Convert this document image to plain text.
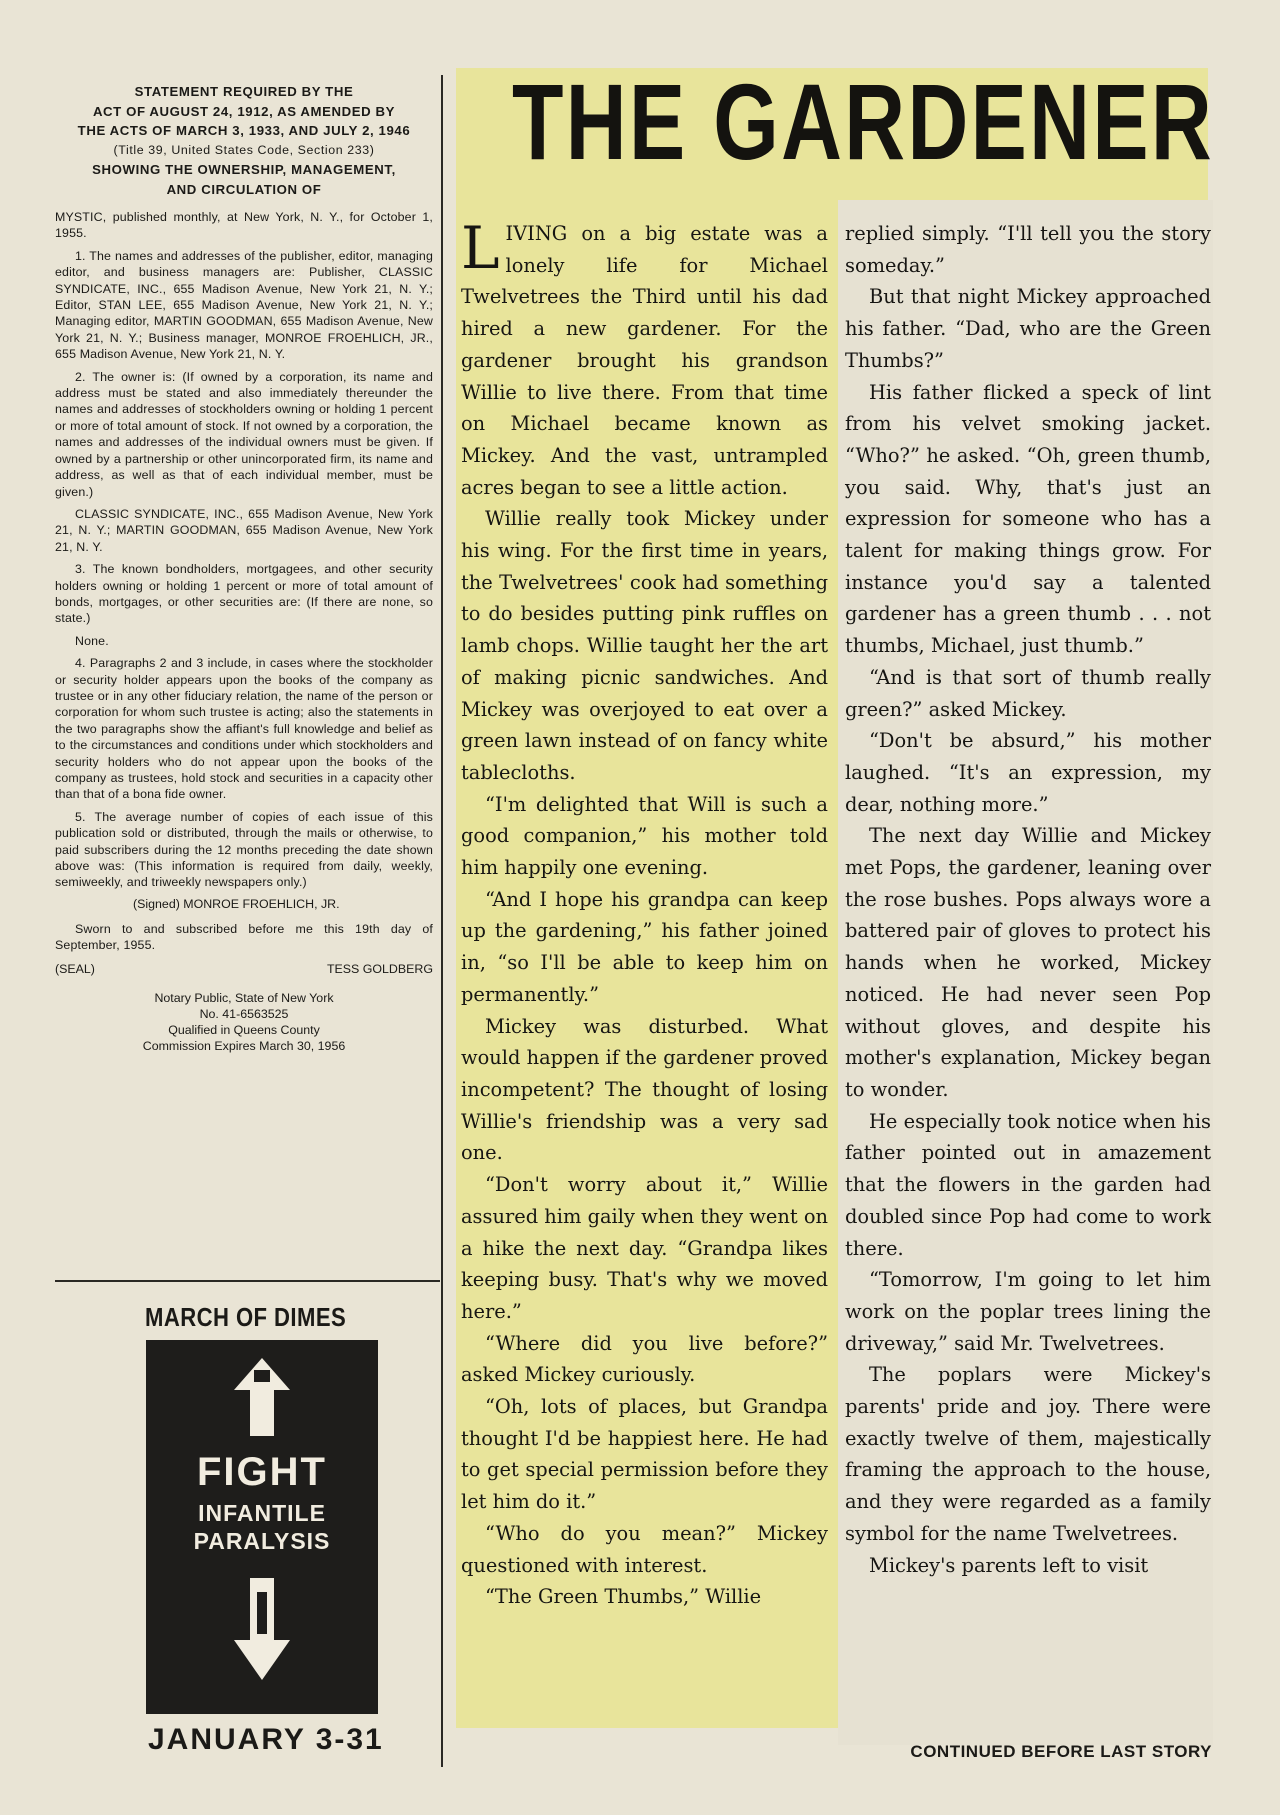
STATEMENT REQUIRED BY THE
ACT OF AUGUST 24, 1912, AS AMENDED BY
THE ACTS OF MARCH 3, 1933, AND JULY 2, 1946
(Title 39, United States Code, Section 233)
SHOWING THE OWNERSHIP, MANAGEMENT,
AND CIRCULATION OF

MYSTIC, published monthly, at New York, N. Y., for October 1, 1955.

1. The names and addresses of the publisher, editor, managing editor, and business managers are: Publisher, CLASSIC SYNDICATE, INC., 655 Madison Avenue, New York 21, N. Y.; Editor, STAN LEE, 655 Madison Avenue, New York 21, N. Y.; Managing editor, MARTIN GOODMAN, 655 Madison Avenue, New York 21, N. Y.; Business manager, MONROE FROEHLICH, JR., 655 Madison Avenue, New York 21, N. Y.

2. The owner is: (If owned by a corporation, its name and address must be stated and also immediately thereunder the names and addresses of stockholders owning or holding 1 percent or more of total amount of stock. If not owned by a corporation, the names and addresses of the individual owners must be given. If owned by a partnership or other unincorporated firm, its name and address, as well as that of each individual member, must be given.)

CLASSIC SYNDICATE, INC., 655 Madison Avenue, New York 21, N. Y.; MARTIN GOODMAN, 655 Madison Avenue, New York 21, N. Y.

3. The known bondholders, mortgagees, and other security holders owning or holding 1 percent or more of total amount of bonds, mortgages, or other securities are: (If there are none, so state.)

None.

4. Paragraphs 2 and 3 include, in cases where the stockholder or security holder appears upon the books of the company as trustee or in any other fiduciary relation, the name of the person or corporation for whom such trustee is acting; also the statements in the two paragraphs show the affiant's full knowledge and belief as to the circumstances and conditions under which stockholders and security holders who do not appear upon the books of the company as trustees, hold stock and securities in a capacity other than that of a bona fide owner.

5. The average number of copies of each issue of this publication sold or distributed, through the mails or otherwise, to paid subscribers during the 12 months preceding the date shown above was: (This information is required from daily, weekly, semiweekly, and triweekly newspapers only.)

(Signed) MONROE FROEHLICH, JR.

Sworn to and subscribed before me this 19th day of September, 1955.

(SEAL)	TESS GOLDBERG
Notary Public, State of New York
No. 41-6563525
Qualified in Queens County
Commission Expires March 30, 1956
MARCH OF DIMES
FIGHT
INFANTILE
PARALYSIS
JANUARY 3-31
THE GARDENER

LIVING on a big estate was a lonely life for Michael Twelvetrees the Third until his dad hired a new gardener. For the gardener brought his grandson Willie to live there. From that time on Michael became known as Mickey. And the vast, untrampled acres began to see a little action.

Willie really took Mickey under his wing. For the first time in years, the Twelvetrees' cook had something to do besides putting pink ruffles on lamb chops. Willie taught her the art of making picnic sandwiches. And Mickey was overjoyed to eat over a green lawn instead of on fancy white tablecloths.

“I'm delighted that Will is such a good companion,” his mother told him happily one evening.

“And I hope his grandpa can keep up the gardening,” his father joined in, “so I'll be able to keep him on permanently.”

Mickey was disturbed. What would happen if the gardener proved incompetent? The thought of losing Willie's friendship was a very sad one.

“Don't worry about it,” Willie assured him gaily when they went on a hike the next day. “Grandpa likes keeping busy. That's why we moved here.”

“Where did you live before?” asked Mickey curiously.

“Oh, lots of places, but Grandpa thought I'd be happiest here. He had to get special permission before they let him do it.”

“Who do you mean?” Mickey questioned with interest.

“The Green Thumbs,” Willie

replied simply. “I'll tell you the story someday.”

But that night Mickey approached his father. “Dad, who are the Green Thumbs?”

His father flicked a speck of lint from his velvet smoking jacket. “Who?” he asked. “Oh, green thumb, you said. Why, that's just an expression for someone who has a talent for making things grow. For instance you'd say a talented gardener has a green thumb . . . not thumbs, Michael, just thumb.”

“And is that sort of thumb really green?” asked Mickey.

“Don't be absurd,” his mother laughed. “It's an expression, my dear, nothing more.”

The next day Willie and Mickey met Pops, the gardener, leaning over the rose bushes. Pops always wore a battered pair of gloves to protect his hands when he worked, Mickey noticed. He had never seen Pop without gloves, and despite his mother's explanation, Mickey began to wonder.

He especially took notice when his father pointed out in amazement that the flowers in the garden had doubled since Pop had come to work there.

“Tomorrow, I'm going to let him work on the poplar trees lining the driveway,” said Mr. Twelvetrees.

The poplars were Mickey's parents' pride and joy. There were exactly twelve of them, majestically framing the approach to the house, and they were regarded as a family symbol for the name Twelvetrees.

Mickey's parents left to visit

CONTINUED BEFORE LAST STORY
